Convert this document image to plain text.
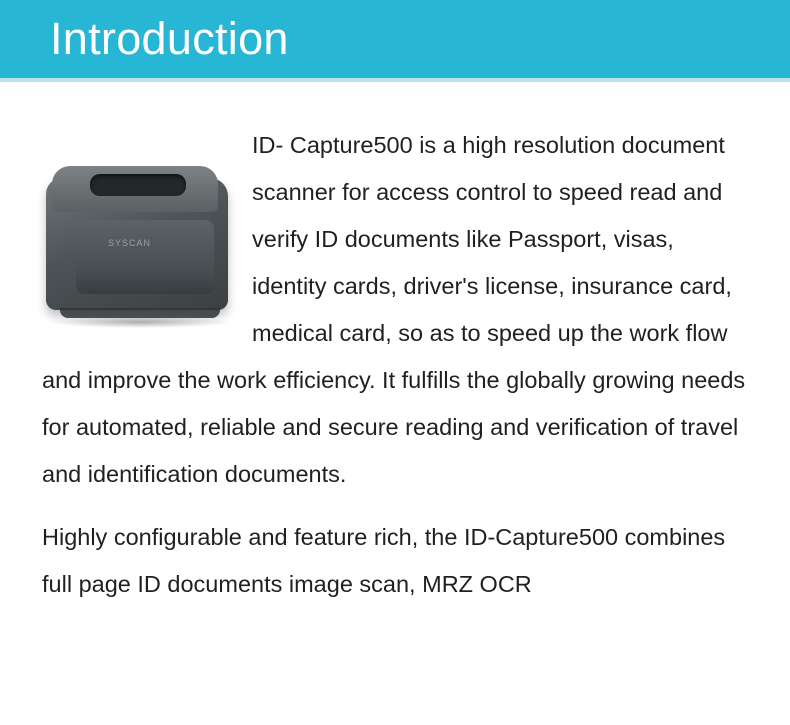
Introduction
SYSCAN

ID- Capture500 is a high resolution document scanner for access control to speed read and verify ID documents like Passport, visas, identity cards, driver's license, insurance card, medical card, so as to speed up the work flow and improve the work efficiency. It fulfills the globally growing needs for automated, reliable and secure reading and verification of travel and identification documents.

Highly configurable and feature rich, the ID-Capture500 combines full page ID documents image scan, MRZ OCR
